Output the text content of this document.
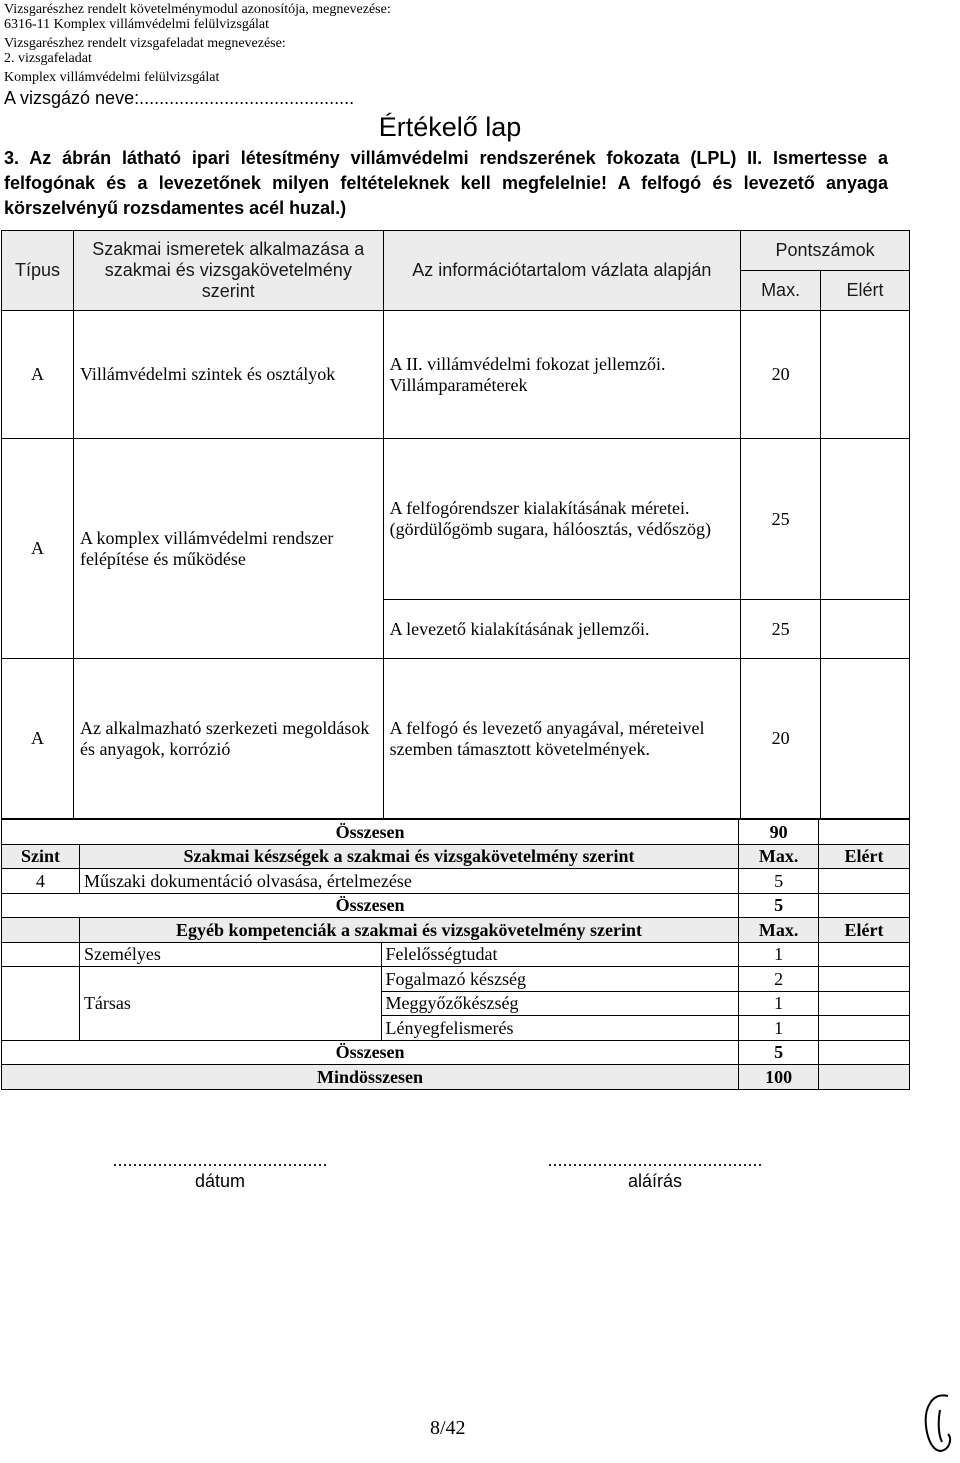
Vizsgarészhez rendelt követelménymodul azonosítója, megnevezése:
6316-11 Komplex villámvédelmi felülvizsgálat
Vizsgarészhez rendelt vizsgafeladat megnevezése:
2. vizsgafeladat
Komplex villámvédelmi felülvizsgálat
A vizsgázó neve:...........................................
Értékelő lap
3. Az ábrán látható ipari létesítmény villámvédelmi rendszerének fokozata (LPL) II. Ismertesse a felfogónak és a levezetőnek milyen feltételeknek kell megfelelnie! A felfogó és levezető anyaga körszelvényű rozsdamentes acél huzal.)
Típus	Szakmai ismeretek alkalmazása a szakmai és vizsgakövetelmény szerint	Az információtartalom vázlata alapján	Pontszámok	
			Max.	Elért
A	Villámvédelmi szintek és osztályok	A II. villámvédelmi fokozat jellemzői. Villámparaméterek	20	
A	A komplex villámvédelmi rendszer felépítése és működése	A felfogórendszer kialakításának méretei. (gördülőgömb sugara, hálóosztás, védőszög)	25	
		A levezető kialakításának jellemzői.	25	
A	Az alkalmazható szerkezeti megoldások és anyagok, korrózió	A felfogó és levezető anyagával, méreteivel szemben támasztott követelmények.	20	
Összesen			90	
Szint	Szakmai készségek a szakmai és vizsgakövetelmény szerint		Max.	Elért
4	Műszaki dokumentáció olvasása, értelmezése		5	
Összesen			5	
	Egyéb kompetenciák a szakmai és vizsgakövetelmény szerint		Max.	Elért
	Személyes	Felelősségtudat	1	
	Társas	Fogalmazó készség	2	
		Meggyőzőkészség	1	
		Lényegfelismerés	1	
Összesen			5	
Mindösszesen			100	
...........................................
dátum
...........................................
aláírás
8/42
